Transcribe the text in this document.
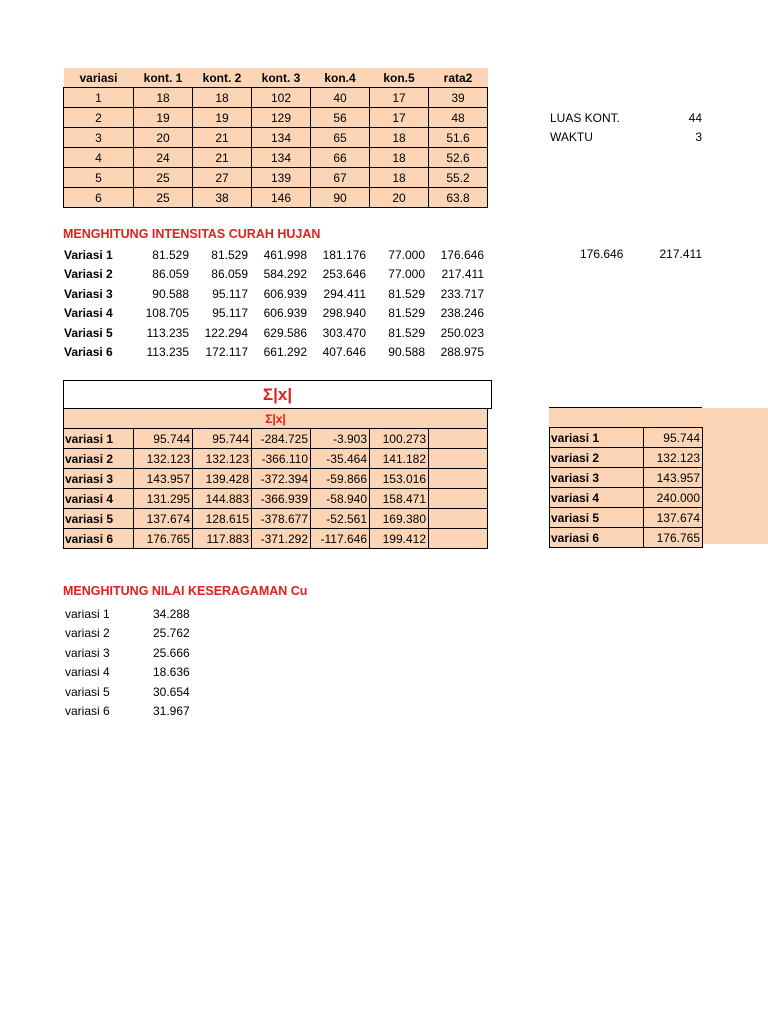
variasi	kont. 1	kont. 2	kont. 3	kon.4	kon.5	rata2
1	18	18	102	40	17	39
2	19	19	129	56	17	48
3	20	21	134	65	18	51.6
4	24	21	134	66	18	52.6
5	25	27	139	67	18	55.2
6	25	38	146	90	20	63.8
LUAS KONT.	44
WAKTU	3
MENGHITUNG INTENSITAS CURAH HUJAN
Variasi 1	81.529	81.529	461.998	181.176	77.000	176.646
Variasi 2	86.059	86.059	584.292	253.646	77.000	217.411
Variasi 3	90.588	95.117	606.939	294.411	81.529	233.717
Variasi 4	108.705	95.117	606.939	298.940	81.529	238.246
Variasi 5	113.235	122.294	629.586	303.470	81.529	250.023
Variasi 6	113.235	172.117	661.292	407.646	90.588	288.975
176.646	217.411
Σ|x|
Σ|x|						
variasi 1	95.744	95.744	-284.725	-3.903	100.273	
variasi 2	132.123	132.123	-366.110	-35.464	141.182	
variasi 3	143.957	139.428	-372.394	-59.866	153.016	
variasi 4	131.295	144.883	-366.939	-58.940	158.471	
variasi 5	137.674	128.615	-378.677	-52.561	169.380	
variasi 6	176.765	117.883	-371.292	-117.646	199.412	
variasi 1	95.744
variasi 2	132.123
variasi 3	143.957
variasi 4	240.000
variasi 5	137.674
variasi 6	176.765
MENGHITUNG NILAI KESERAGAMAN Cu
variasi 1	34.288
variasi 2	25.762
variasi 3	25.666
variasi 4	18.636
variasi 5	30.654
variasi 6	31.967
